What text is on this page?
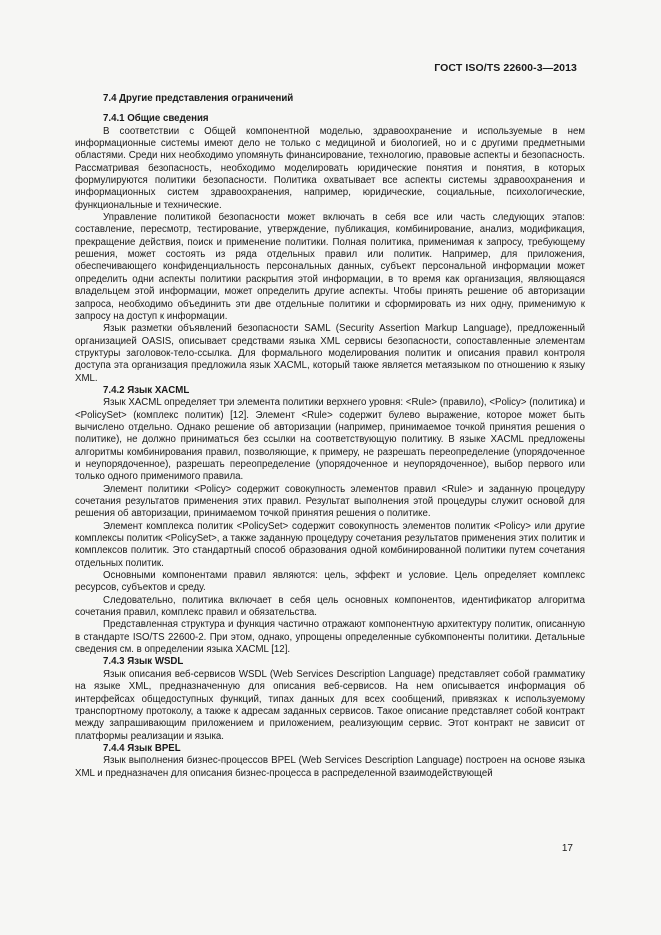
ГОСТ ISO/TS 22600-3—2013
7.4 Другие представления ограничений
7.4.1 Общие сведения

В соответствии с Общей компонентной моделью, здравоохранение и используемые в нем информационные системы имеют дело не только с медициной и биологией, но и с другими предметными областями. Среди них необходимо упомянуть финансирование, технологию, правовые аспекты и безопасность. Рассматривая безопасность, необходимо моделировать юридические понятия и понятия, в которых формулируются политики безопасности. Политика охватывает все аспекты системы здравоохранения и информационных систем здравоохранения, например, юридические, социальные, психологические, функциональные и технические.

Управление политикой безопасности может включать в себя все или часть следующих этапов: составление, пересмотр, тестирование, утверждение, публикация, комбинирование, анализ, модификация, прекращение действия, поиск и применение политики. Полная политика, применимая к запросу, требующему решения, может состоять из ряда отдельных правил или политик. Например, для приложения, обеспечивающего конфиденциальность персональных данных, субъект персональной информации может определить одни аспекты политики раскрытия этой информации, в то время как организация, являющаяся владельцем этой информации, может определить другие аспекты. Чтобы принять решение об авторизации запроса, необходимо объединить эти две отдельные политики и сформировать из них одну, применимую к запросу на доступ к информации.

Язык разметки объявлений безопасности SAML (Security Assertion Markup Language), предложенный организацией OASIS, описывает средствами языка XML сервисы безопасности, сопоставленные элементам структуры заголовок-тело-ссылка. Для формального моделирования политик и описания правил контроля доступа эта организация предложила язык XACML, который также является метаязыком по отношению к языку XML.

7.4.2 Язык XACML

Язык XACML определяет три элемента политики верхнего уровня: <Rule> (правило), <Policy> (политика) и <PolicySet> (комплекс политик) [12]. Элемент <Rule> содержит булево выражение, которое может быть вычислено отдельно. Однако решение об авторизации (например, принимаемое точкой принятия решения о политике), не должно приниматься без ссылки на соответствующую политику. В языке XACML предложены алгоритмы комбинирования правил, позволяющие, к примеру, не разрешать переопределение (упорядоченное и неупорядоченное), разрешать переопределение (упорядоченное и неупорядоченное), выбор первого или только одного применимого правила.

Элемент политики <Policy> содержит совокупность элементов правил <Rule> и заданную процедуру сочетания результатов применения этих правил. Результат выполнения этой процедуры служит основой для решения об авторизации, принимаемом точкой принятия решения о политике.

Элемент комплекса политик <PolicySet> содержит совокупность элементов политик <Policy> или другие комплексы политик <PolicySet>, а также заданную процедуру сочетания результатов применения этих политик и комплексов политик. Это стандартный способ образования одной комбинированной политики путем сочетания отдельных политик.

Основными компонентами правил являются: цель, эффект и условие. Цель определяет комплекс ресурсов, субъектов и среду.

Следовательно, политика включает в себя цель основных компонентов, идентификатор алгоритма сочетания правил, комплекс правил и обязательства.

Представленная структура и функция частично отражают компонентную архитектуру политик, описанную в стандарте ISO/TS 22600-2. При этом, однако, упрощены определенные субкомпоненты политики. Детальные сведения см. в определении языка XACML [12].

7.4.3 Язык WSDL

Язык описания веб-сервисов WSDL (Web Services Description Language) представляет собой грамматику на языке XML, предназначенную для описания веб-сервисов. На нем описывается информация об интерфейсах общедоступных функций, типах данных для всех сообщений, привязках к используемому транспортному протоколу, а также к адресам заданных сервисов. Такое описание представляет собой контракт между запрашивающим приложением и приложением, реализующим сервис. Этот контракт не зависит от платформы реализации и языка.

7.4.4 Язык BPEL

Язык выполнения бизнес-процессов BPEL (Web Services Description Language) построен на основе языка XML и предназначен для описания бизнес-процесса в распределенной взаимодействующей

17
